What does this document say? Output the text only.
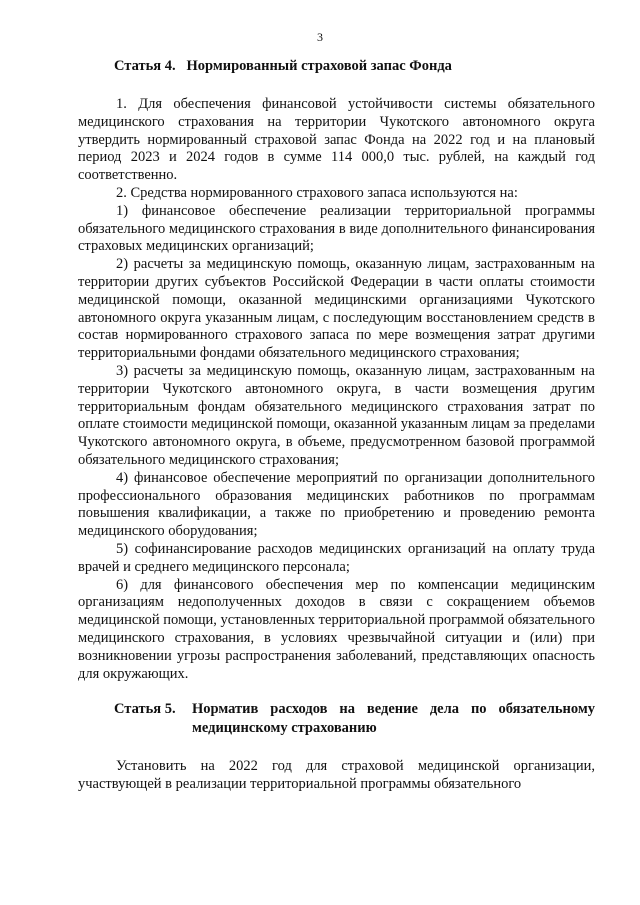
3
Статья 4.   Нормированный страховой запас Фонда

1. Для обеспечения финансовой устойчивости системы обязательного медицинского страхования на территории Чукотского автономного округа утвердить нормированный страховой запас Фонда на 2022 год и на плановый период 2023 и 2024 годов в сумме 114 000,0 тыс. рублей, на каждый год соответственно.

2. Средства нормированного страхового запаса используются на:

1) финансовое обеспечение реализации территориальной программы обязательного медицинского страхования в виде дополнительного финансирования страховых медицинских организаций;

2) расчеты за медицинскую помощь, оказанную лицам, застрахованным на территории других субъектов Российской Федерации в части оплаты стоимости медицинской помощи, оказанной медицинскими организациями Чукотского автономного округа указанным лицам, с последующим восстановлением средств в состав нормированного страхового запаса по мере возмещения затрат другими территориальными фондами обязательного медицинского страхования;

3) расчеты за медицинскую помощь, оказанную лицам, застрахованным на территории Чукотского автономного округа, в части возмещения другим территориальным фондам обязательного медицинского страхования затрат по оплате стоимости медицинской помощи, оказанной указанным лицам за пределами Чукотского автономного округа, в объеме, предусмотренном базовой программой обязательного медицинского страхования;

4) финансовое обеспечение мероприятий по организации дополнительного профессионального образования медицинских работников по программам повышения квалификации, а также по приобретению и проведению ремонта медицинского оборудования;

5) софинансирование расходов медицинских организаций на оплату труда врачей и среднего медицинского персонала;

6) для финансового обеспечения мер по компенсации медицинским организациям недополученных доходов в связи с сокращением объемов медицинской помощи, установленных территориальной программой обязательного медицинского страхования, в условиях чрезвычайной ситуации и (или) при возникновении угрозы распространения заболеваний, представляющих опасность для окружающих.

Статья 5.	Норматив расходов на ведение дела по обязательному медицинскому страхованию

Установить на 2022 год для страховой медицинской организации, участвующей в реализации территориальной программы обязательного
